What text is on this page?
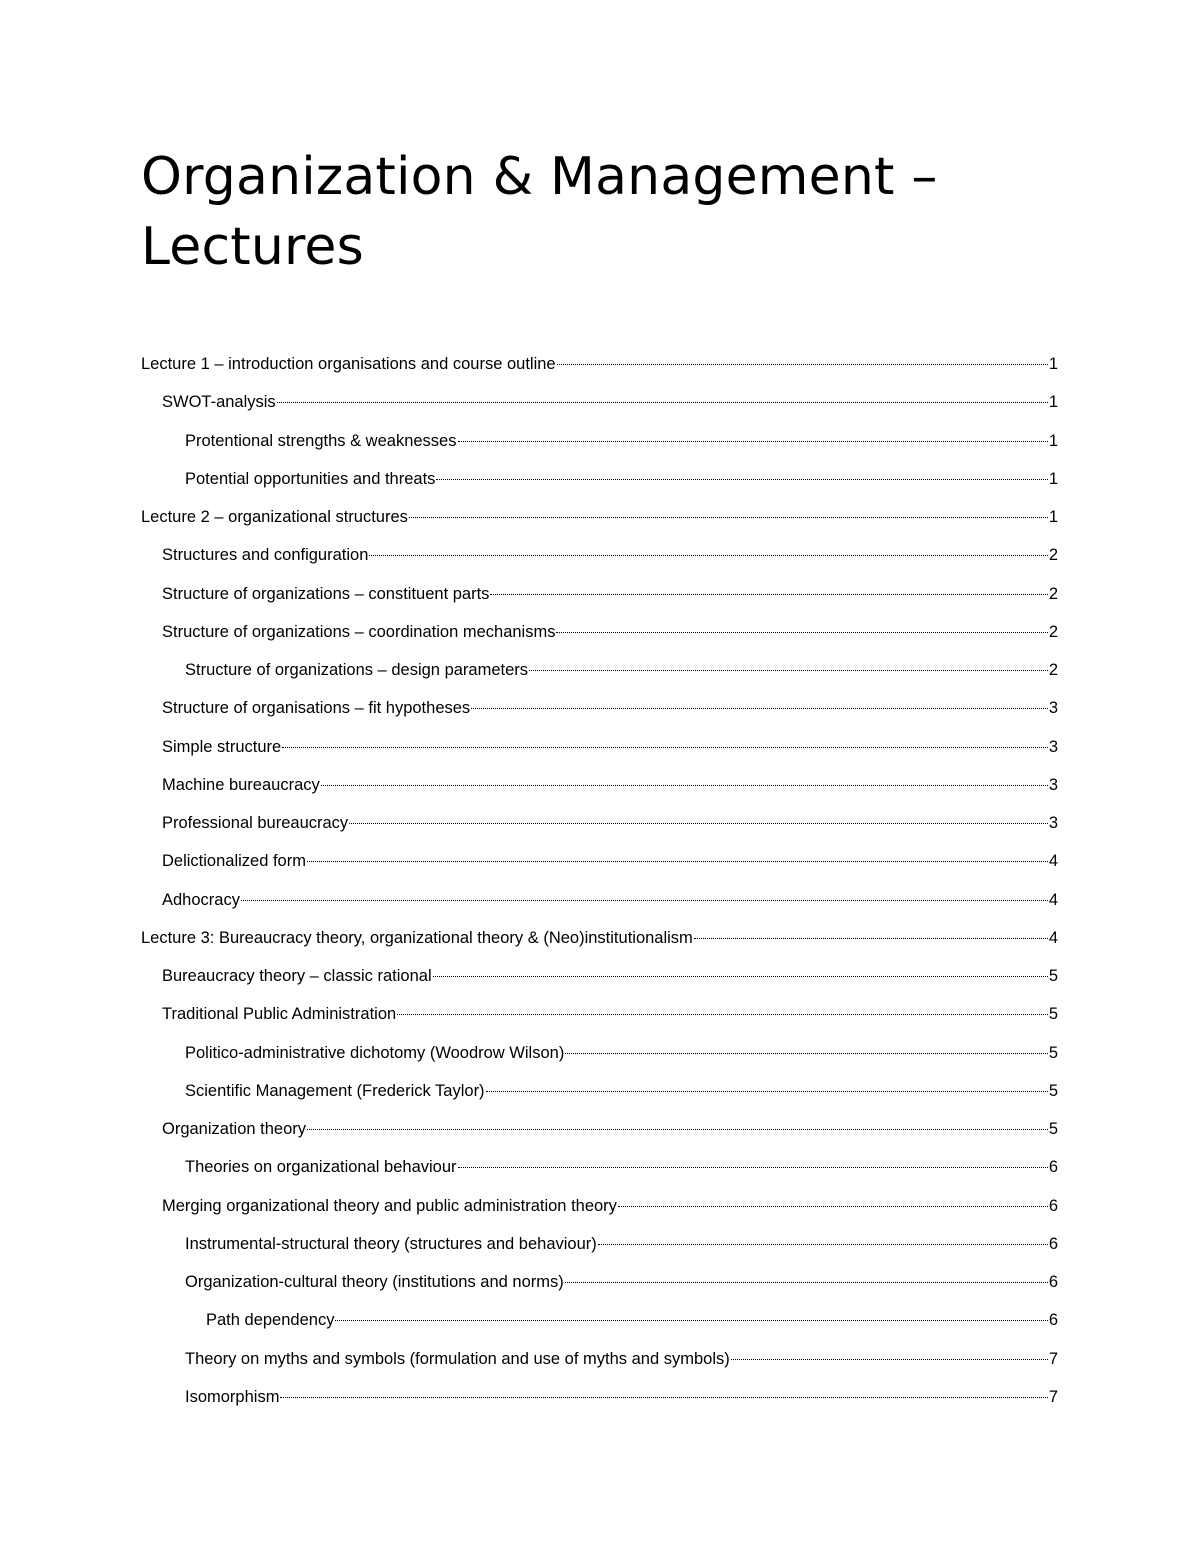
Organization & Management – Lectures
Lecture 1 – introduction organisations and course outline	1
SWOT-analysis	1
Protentional strengths & weaknesses	1
Potential opportunities and threats	1
Lecture 2 – organizational structures	1
Structures and configuration	2
Structure of organizations – constituent parts	2
Structure of organizations – coordination mechanisms	2
Structure of organizations – design parameters	2
Structure of organisations – fit hypotheses	3
Simple structure	3
Machine bureaucracy	3
Professional bureaucracy	3
Delictionalized form	4
Adhocracy	4
Lecture 3: Bureaucracy theory, organizational theory & (Neo)institutionalism	4
Bureaucracy theory – classic rational	5
Traditional Public Administration	5
Politico-administrative dichotomy (Woodrow Wilson)	5
Scientific Management (Frederick Taylor)	5
Organization theory	5
Theories on organizational behaviour	6
Merging organizational theory and public administration theory	6
Instrumental-structural theory (structures and behaviour)	6
Organization-cultural theory (institutions and norms)	6
Path dependency	6
Theory on myths and symbols (formulation and use of myths and symbols)	7
Isomorphism	7
